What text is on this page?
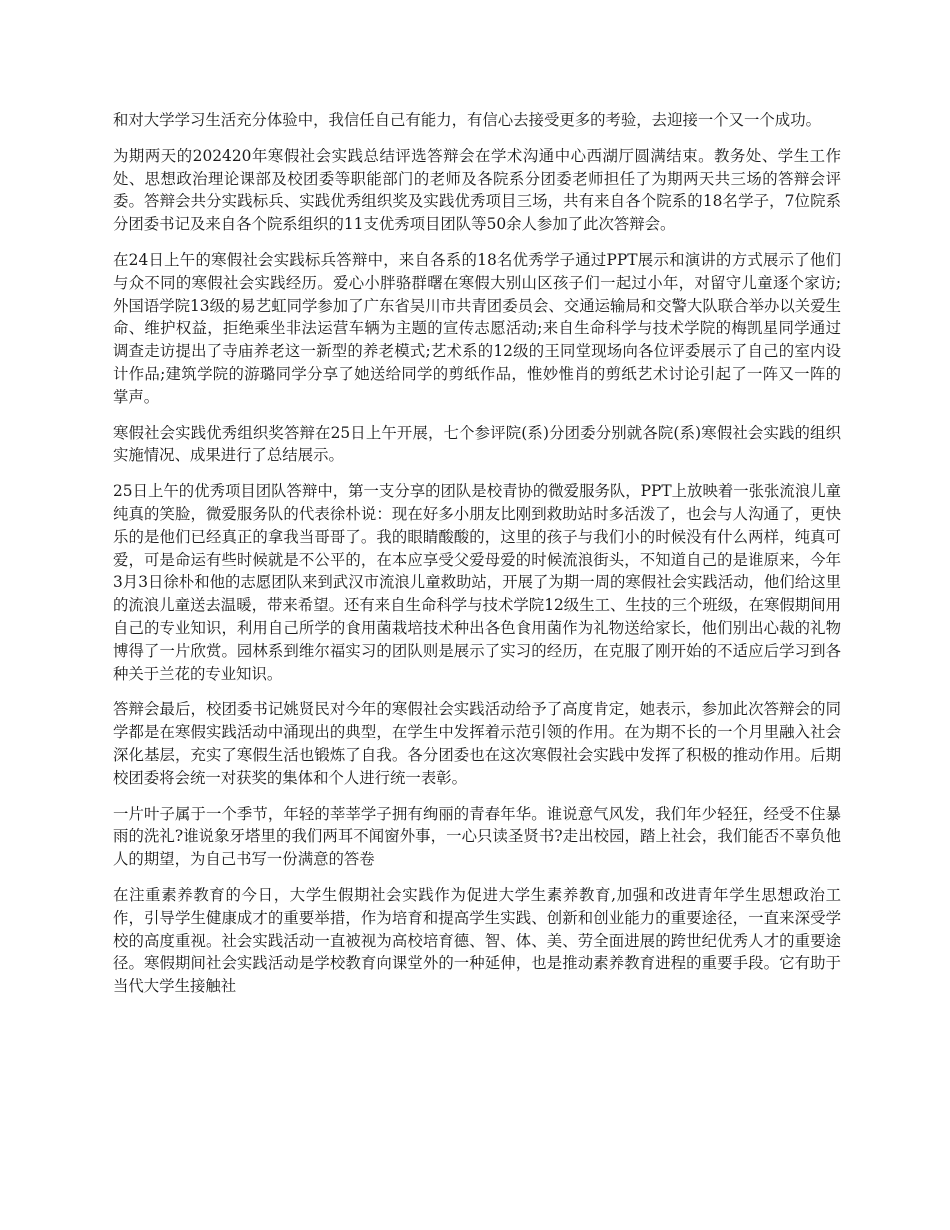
和对大学学习生活充分体验中，我信任自己有能力，有信心去接受更多的考验，去迎接一个又一个成功。

为期两天的202420年寒假社会实践总结评选答辩会在学术沟通中心西湖厅圆满结束。教务处、学生工作处、思想政治理论课部及校团委等职能部门的老师及各院系分团委老师担任了为期两天共三场的答辩会评委。答辩会共分实践标兵、实践优秀组织奖及实践优秀项目三场，共有来自各个院系的18名学子，7位院系分团委书记及来自各个院系组织的11支优秀项目团队等50余人参加了此次答辩会。

在24日上午的寒假社会实践标兵答辩中，来自各系的18名优秀学子通过PPT展示和演讲的方式展示了他们与众不同的寒假社会实践经历。爱心小胖骆群曙在寒假大别山区孩子们一起过小年，对留守儿童逐个家访;外国语学院13级的易艺虹同学参加了广东省吴川市共青团委员会、交通运输局和交警大队联合举办以关爱生命、维护权益，拒绝乘坐非法运营车辆为主题的宣传志愿活动;来自生命科学与技术学院的梅凯星同学通过调查走访提出了寺庙养老这一新型的养老模式;艺术系的12级的王同堂现场向各位评委展示了自己的室内设计作品;建筑学院的游璐同学分享了她送给同学的剪纸作品，惟妙惟肖的剪纸艺术讨论引起了一阵又一阵的掌声。

寒假社会实践优秀组织奖答辩在25日上午开展，七个参评院(系)分团委分别就各院(系)寒假社会实践的组织实施情况、成果进行了总结展示。

25日上午的优秀项目团队答辩中，第一支分享的团队是校青协的微爱服务队，PPT上放映着一张张流浪儿童纯真的笑脸，微爱服务队的代表徐朴说：现在好多小朋友比刚到救助站时多活泼了，也会与人沟通了，更快乐的是他们已经真正的拿我当哥哥了。我的眼睛酸酸的，这里的孩子与我们小的时候没有什么两样，纯真可爱，可是命运有些时候就是不公平的，在本应享受父爱母爱的时候流浪街头，不知道自己的是谁原来，今年3月3日徐朴和他的志愿团队来到武汉市流浪儿童救助站，开展了为期一周的寒假社会实践活动，他们给这里的流浪儿童送去温暖，带来希望。还有来自生命科学与技术学院12级生工、生技的三个班级，在寒假期间用自己的专业知识，利用自己所学的食用菌栽培技术种出各色食用菌作为礼物送给家长，他们别出心裁的礼物博得了一片欣赏。园林系到维尔福实习的团队则是展示了实习的经历，在克服了刚开始的不适应后学习到各种关于兰花的专业知识。

答辩会最后，校团委书记姚贤民对今年的寒假社会实践活动给予了高度肯定，她表示，参加此次答辩会的同学都是在寒假实践活动中涌现出的典型，在学生中发挥着示范引领的作用。在为期不长的一个月里融入社会深化基层，充实了寒假生活也锻炼了自我。各分团委也在这次寒假社会实践中发挥了积极的推动作用。后期校团委将会统一对获奖的集体和个人进行统一表彰。

一片叶子属于一个季节，年轻的莘莘学子拥有绚丽的青春年华。谁说意气风发，我们年少轻狂，经受不住暴雨的洗礼?谁说象牙塔里的我们两耳不闻窗外事，一心只读圣贤书?走出校园，踏上社会，我们能否不辜负他人的期望，为自己书写一份满意的答卷

在注重素养教育的今日，大学生假期社会实践作为促进大学生素养教育,加强和改进青年学生思想政治工作，引导学生健康成才的重要举措，作为培育和提高学生实践、创新和创业能力的重要途径，一直来深受学校的高度重视。社会实践活动一直被视为高校培育德、智、体、美、劳全面进展的跨世纪优秀人才的重要途径。寒假期间社会实践活动是学校教育向课堂外的一种延伸，也是推动素养教育进程的重要手段。它有助于当代大学生接触社
